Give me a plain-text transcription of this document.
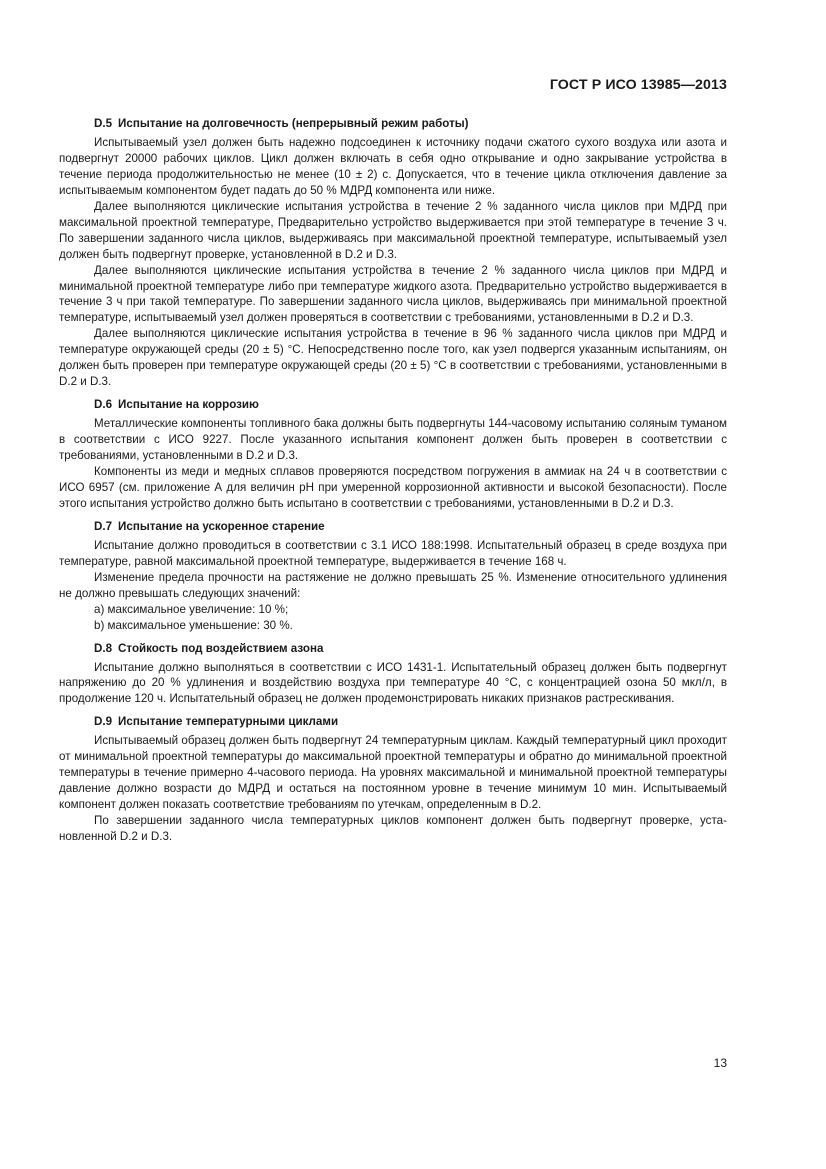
ГОСТ Р ИСО 13985—2013
D.5 Испытание на долговечность (непрерывный режим работы)

Испытываемый узел должен быть надежно подсоединен к источнику подачи сжатого сухого воздуха или азота и подвергнут 20000 рабочих циклов. Цикл должен включать в себя одно открывание и одно закрывание устройства в течение периода продолжительностью не менее (10 ± 2) с. Допускается, что в течение цикла отключения давление за испытываемым компонентом будет падать до 50 % МДРД компонента или ниже.

Далее выполняются циклические испытания устройства в течение 2 % заданного числа циклов при МДРД при максимальной проектной температуре, Предварительно устройство выдерживается при этой температуре в течение 3 ч. По завершении заданного числа циклов, выдерживаясь при максимальной проектной температуре, испытываемый узел должен быть подвергнут проверке, установленной в D.2 и D.3.

Далее выполняются циклические испытания устройства в течение 2 % заданного числа циклов при МДРД и минимальной проектной температуре либо при температуре жидкого азота. Предварительно устройство выдерживается в течение 3 ч при такой температуре. По завершении заданного числа циклов, выдерживаясь при минимальной проектной температуре, испытываемый узел должен проверяться в соответствии с требованиями, установленными в D.2 и D.3.

Далее выполняются циклические испытания устройства в течение в 96 % заданного числа циклов при МДРД и температуре окружающей среды (20 ± 5) °С. Непосредственно после того, как узел подвергся указанным испытаниям, он должен быть проверен при температуре окружающей среды (20 ± 5) °С в соответствии с требованиями, установленными в D.2 и D.3.

D.6 Испытание на коррозию

Металлические компоненты топливного бака должны быть подвергнуты 144-часовому испытанию соляным туманом в соответствии с ИСО 9227. После указанного испытания компонент должен быть проверен в соответствии с требованиями, установленными в D.2 и D.3.

Компоненты из меди и медных сплавов проверяются посредством погружения в аммиак на 24 ч в соответствии с ИСО 6957 (см. приложение А для величин рН при умеренной коррозионной активности и высокой безопасности). После этого испытания устройство должно быть испытано в соответствии с требованиями, установленными в D.2 и D.3.

D.7 Испытание на ускоренное старение

Испытание должно проводиться в соответствии с 3.1 ИСО 188:1998. Испытательный образец в среде воздуха при температуре, равной максимальной проектной температуре, выдерживается в течение 168 ч.

Изменение предела прочности на растяжение не должно превышать 25 %. Изменение относительного удлинения не должно превышать следующих значений:

a) максимальное увеличение: 10 %;

b) максимальное уменьшение: 30 %.

D.8 Стойкость под воздействием азона

Испытание должно выполняться в соответствии с ИСО 1431-1. Испытательный образец должен быть подвергнут напряжению до 20 % удлинения и воздействию воздуха при температуре 40 °С, с концентрацией озона 50 мкл/л, в продолжение 120 ч. Испытательный образец не должен продемонстрировать никаких признаков растрескивания.

D.9 Испытание температурными циклами

Испытываемый образец должен быть подвергнут 24 температурным циклам. Каждый температурный цикл проходит от минимальной проектной температуры до максимальной проектной температуры и обратно до минимальной проектной температуры в течение примерно 4-часового периода. На уровнях максимальной и минимальной проектной температуры давление должно возрасти до МДРД и остаться на постоянном уровне в течение минимум 10 мин. Испытываемый компонент должен показать соответствие требованиям по утечкам, определенным в D.2.

По завершении заданного числа температурных циклов компонент должен быть подвергнут проверке, установленной D.2 и D.3.

13
